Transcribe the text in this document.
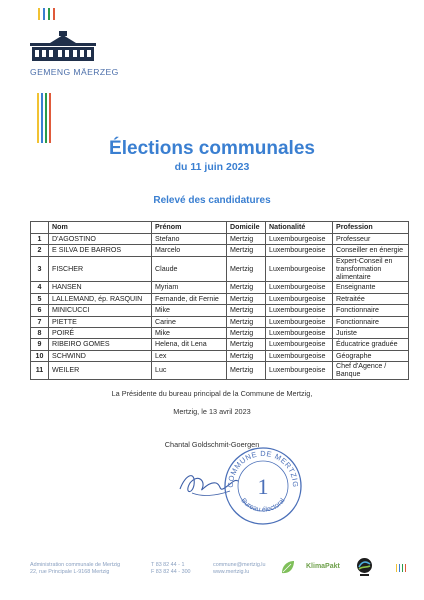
GEMENG MÄERZEG
Élections communales
du 11 juin 2023
Relevé des candidatures
	Nom	Prénom	Domicile	Nationalité	Profession
1	D'AGOSTINO	Stefano	Mertzig	Luxembourgeoise	Professeur
2	E SILVA DE BARROS	Marcelo	Mertzig	Luxembourgeoise	Conseiller en énergie
3	FISCHER	Claude	Mertzig	Luxembourgeoise	Expert-Conseil en transformation alimentaire
4	HANSEN	Myriam	Mertzig	Luxembourgeoise	Enseignante
5	LALLEMAND, ép. RASQUIN	Fernande, dit Fernie	Mertzig	Luxembourgeoise	Retraitée
6	MINICUCCI	Mike	Mertzig	Luxembourgeoise	Fonctionnaire
7	PIETTE	Carine	Mertzig	Luxembourgeoise	Fonctionnaire
8	POIRÉ	Mike	Mertzig	Luxembourgeoise	Juriste
9	RIBEIRO GOMES	Helena, dit Lena	Mertzig	Luxembourgeoise	Éducatrice graduée
10	SCHWIND	Lex	Mertzig	Luxembourgeoise	Géographe
11	WEILER	Luc	Mertzig	Luxembourgeoise	Chef d'Agence / Banque
La Présidente du bureau principal de la Commune de Mertzig,
Mertzig, le 13 avril 2023
Chantal Goldschmit-Goergen
COMMUNE DE MERTZIG
Bureau électoral
1
Administration communale de Mertzig
22, rue Principale L-9168 Mertzig
T 83 82 44 - 1
F 83 82 44 - 300
commune@mertzig.lu
www.mertzig.lu
KlimaPakt
